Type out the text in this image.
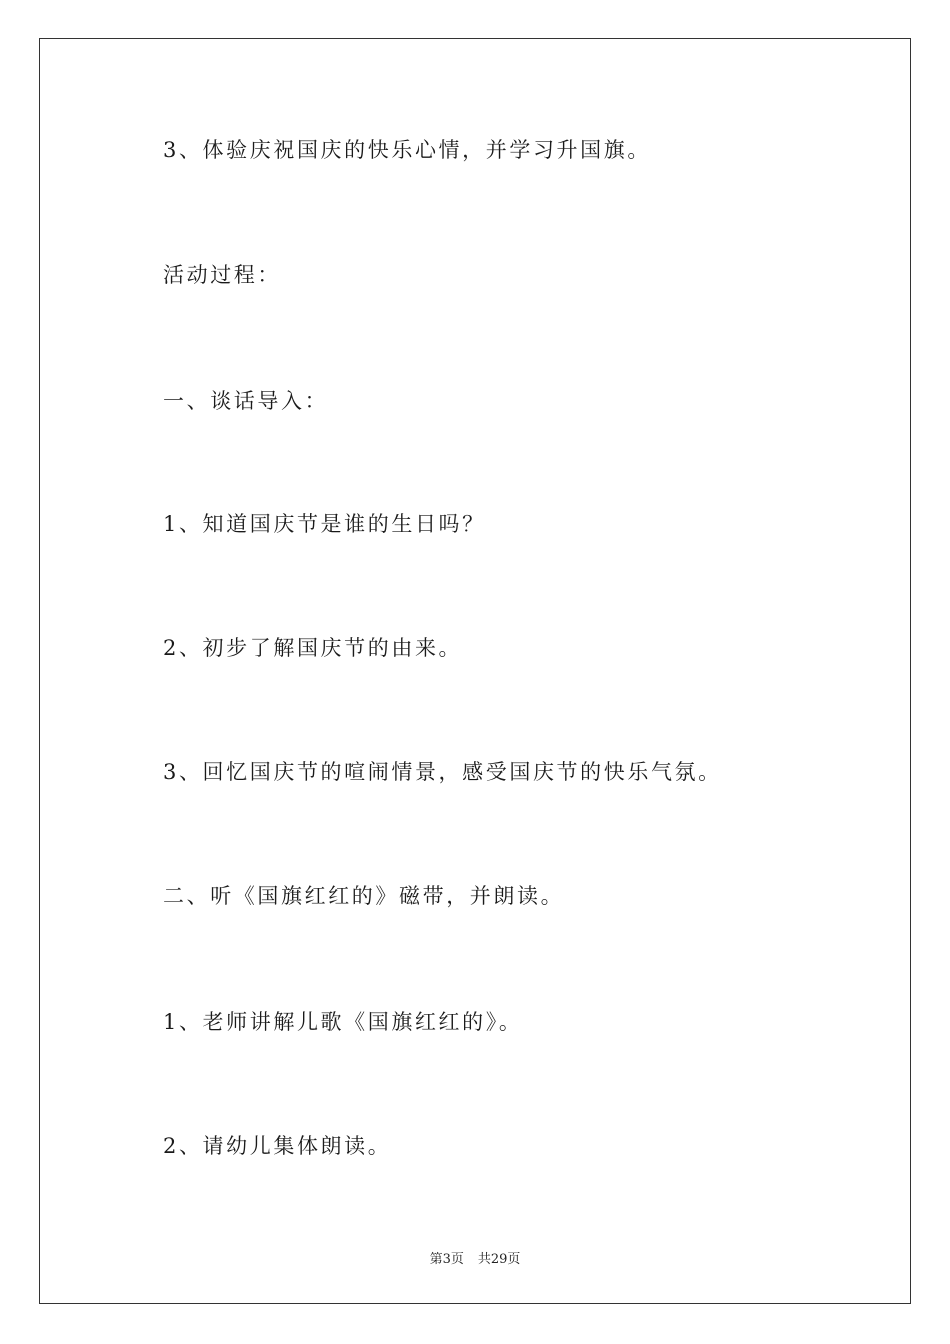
3、体验庆祝国庆的快乐心情，并学习升国旗。
活动过程：
一、谈话导入：
1、知道国庆节是谁的生日吗？
2、初步了解国庆节的由来。
3、回忆国庆节的喧闹情景，感受国庆节的快乐气氛。
二、听《国旗红红的》磁带，并朗读。
1、老师讲解儿歌《国旗红红的》。
2、请幼儿集体朗读。
第3页 共29页
